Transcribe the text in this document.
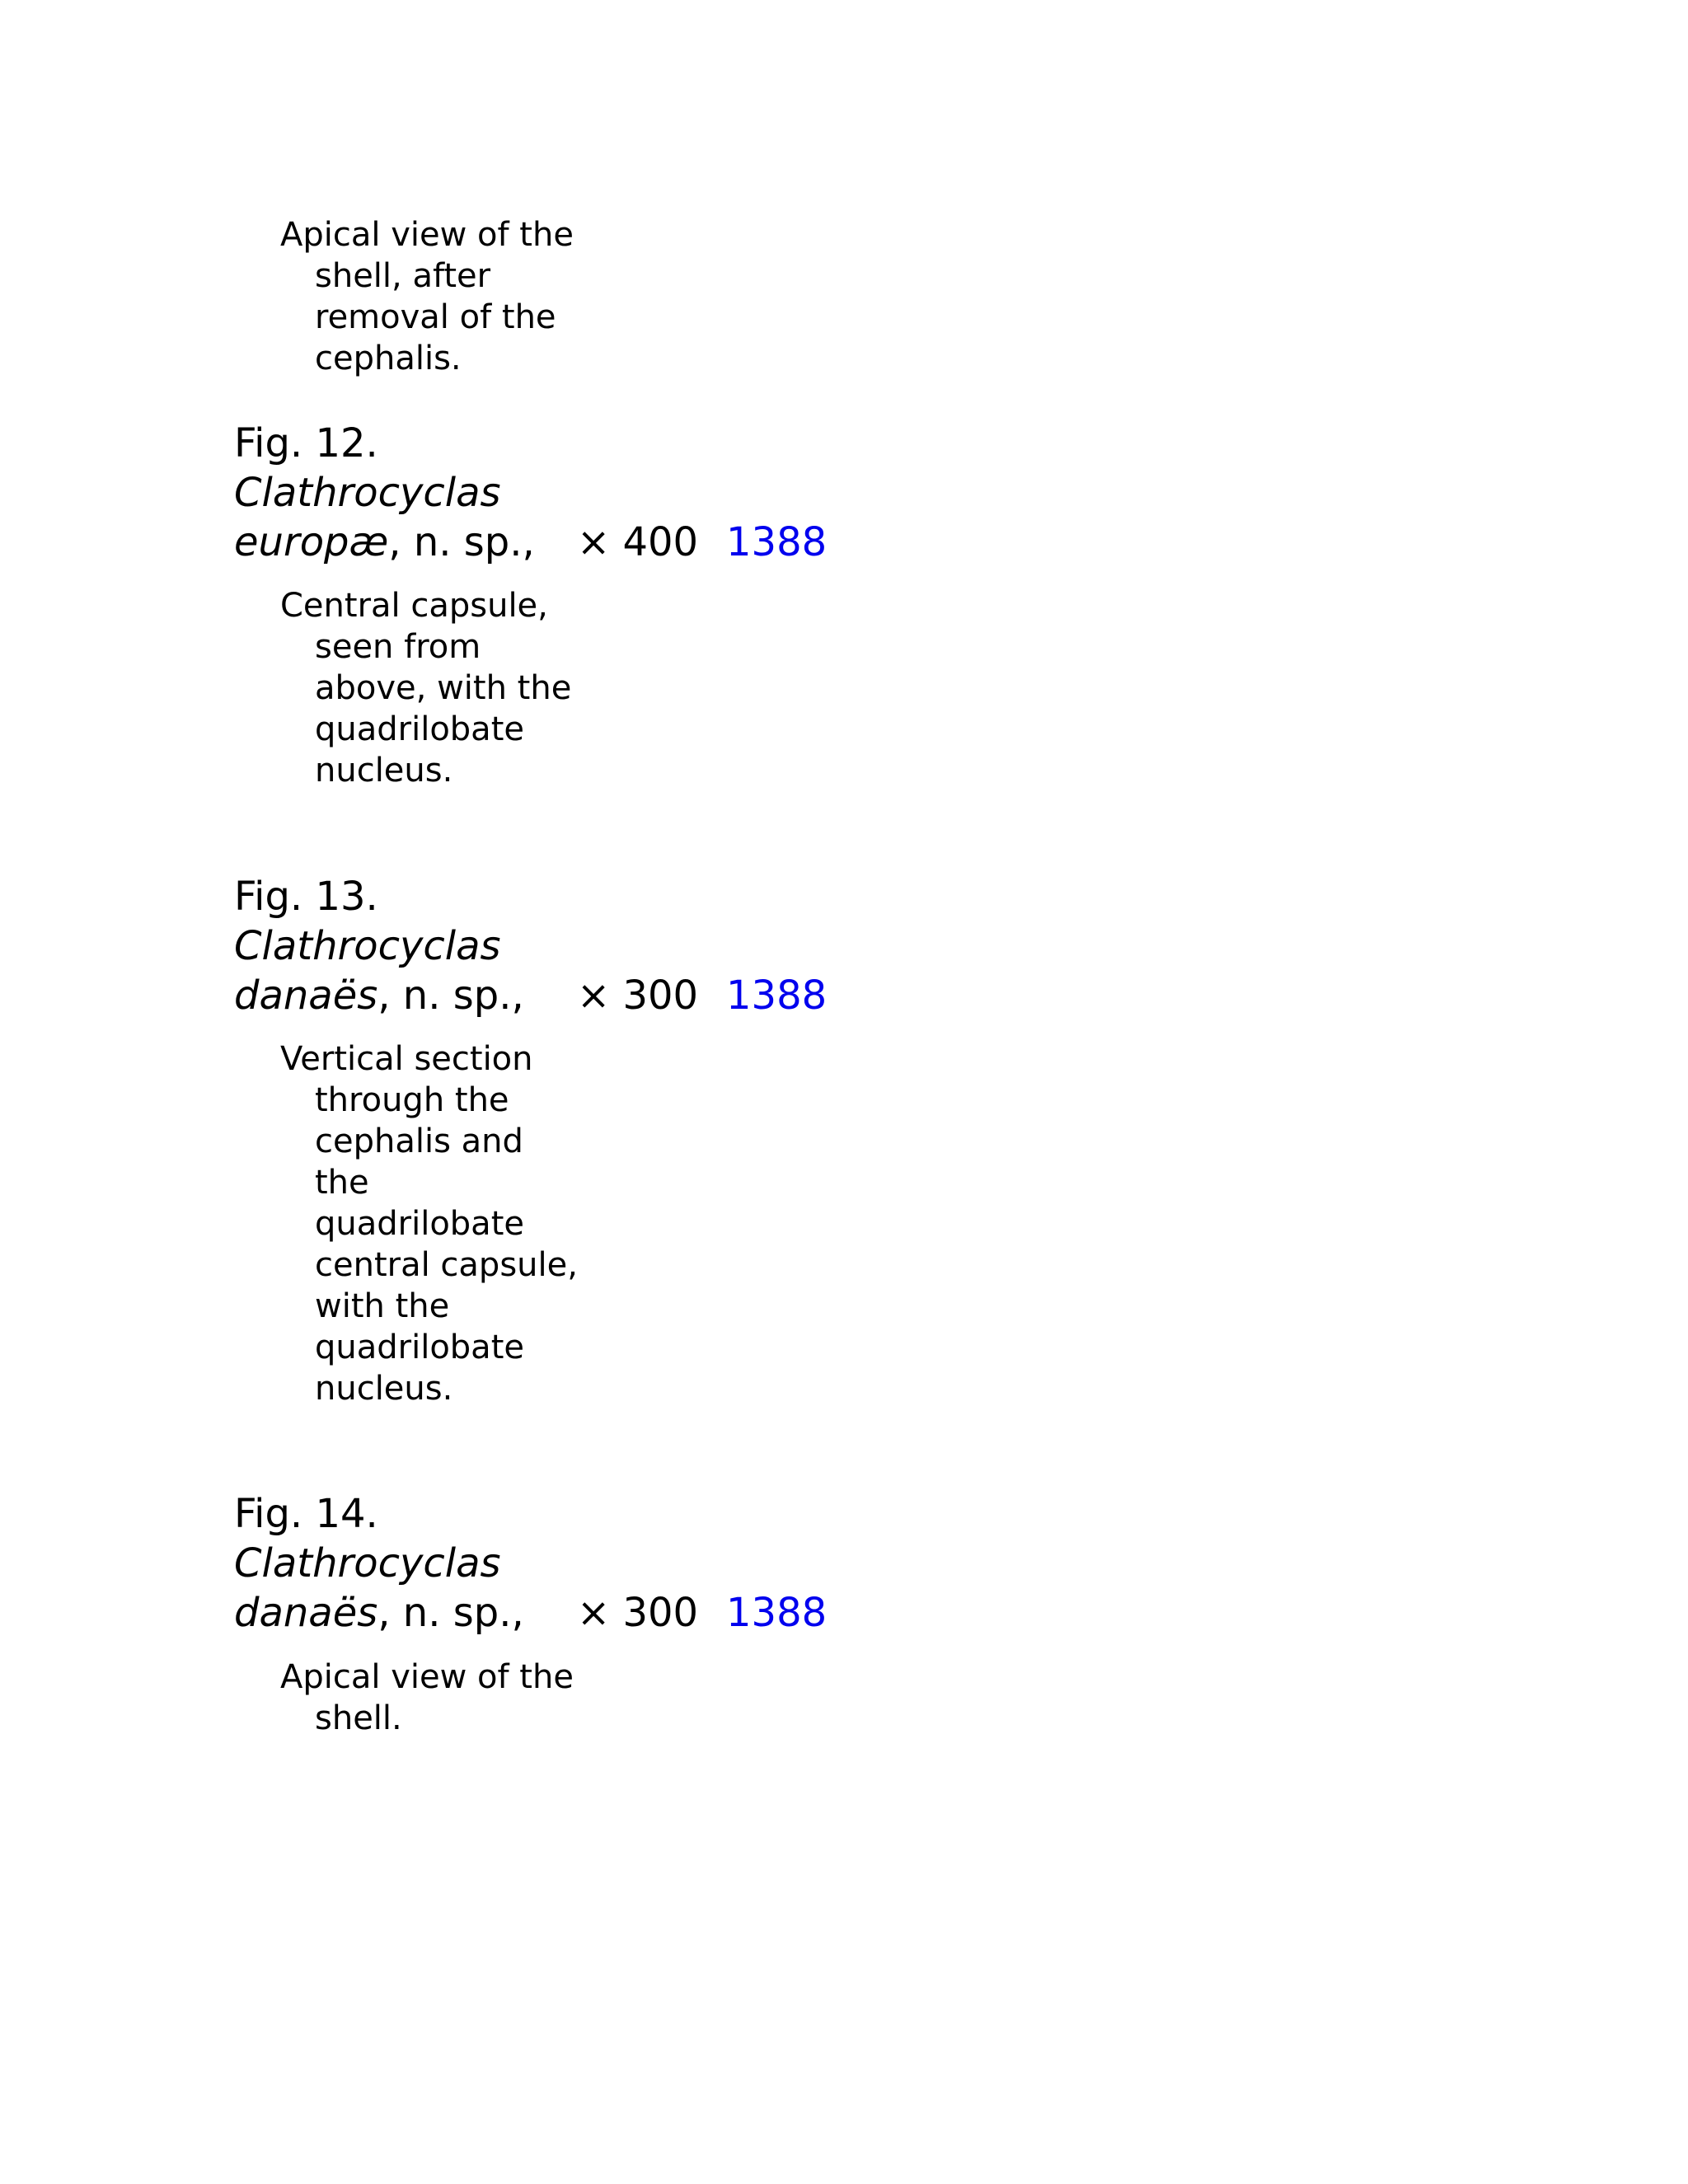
Apical view of the shell, after removal of the cephalis.

Fig. 12.

Clathrocyclas
europæ, n. sp.,	× 400 1388

Central capsule, seen from above, with the quadrilobate nucleus.

Fig. 13.

Clathrocyclas
danaës, n. sp.,	× 300 1388

Vertical section through the cephalis and the quadrilobate central capsule, with the quadrilobate nucleus.

Fig. 14.

Clathrocyclas
danaës, n. sp.,	× 300 1388

Apical view of the shell.
